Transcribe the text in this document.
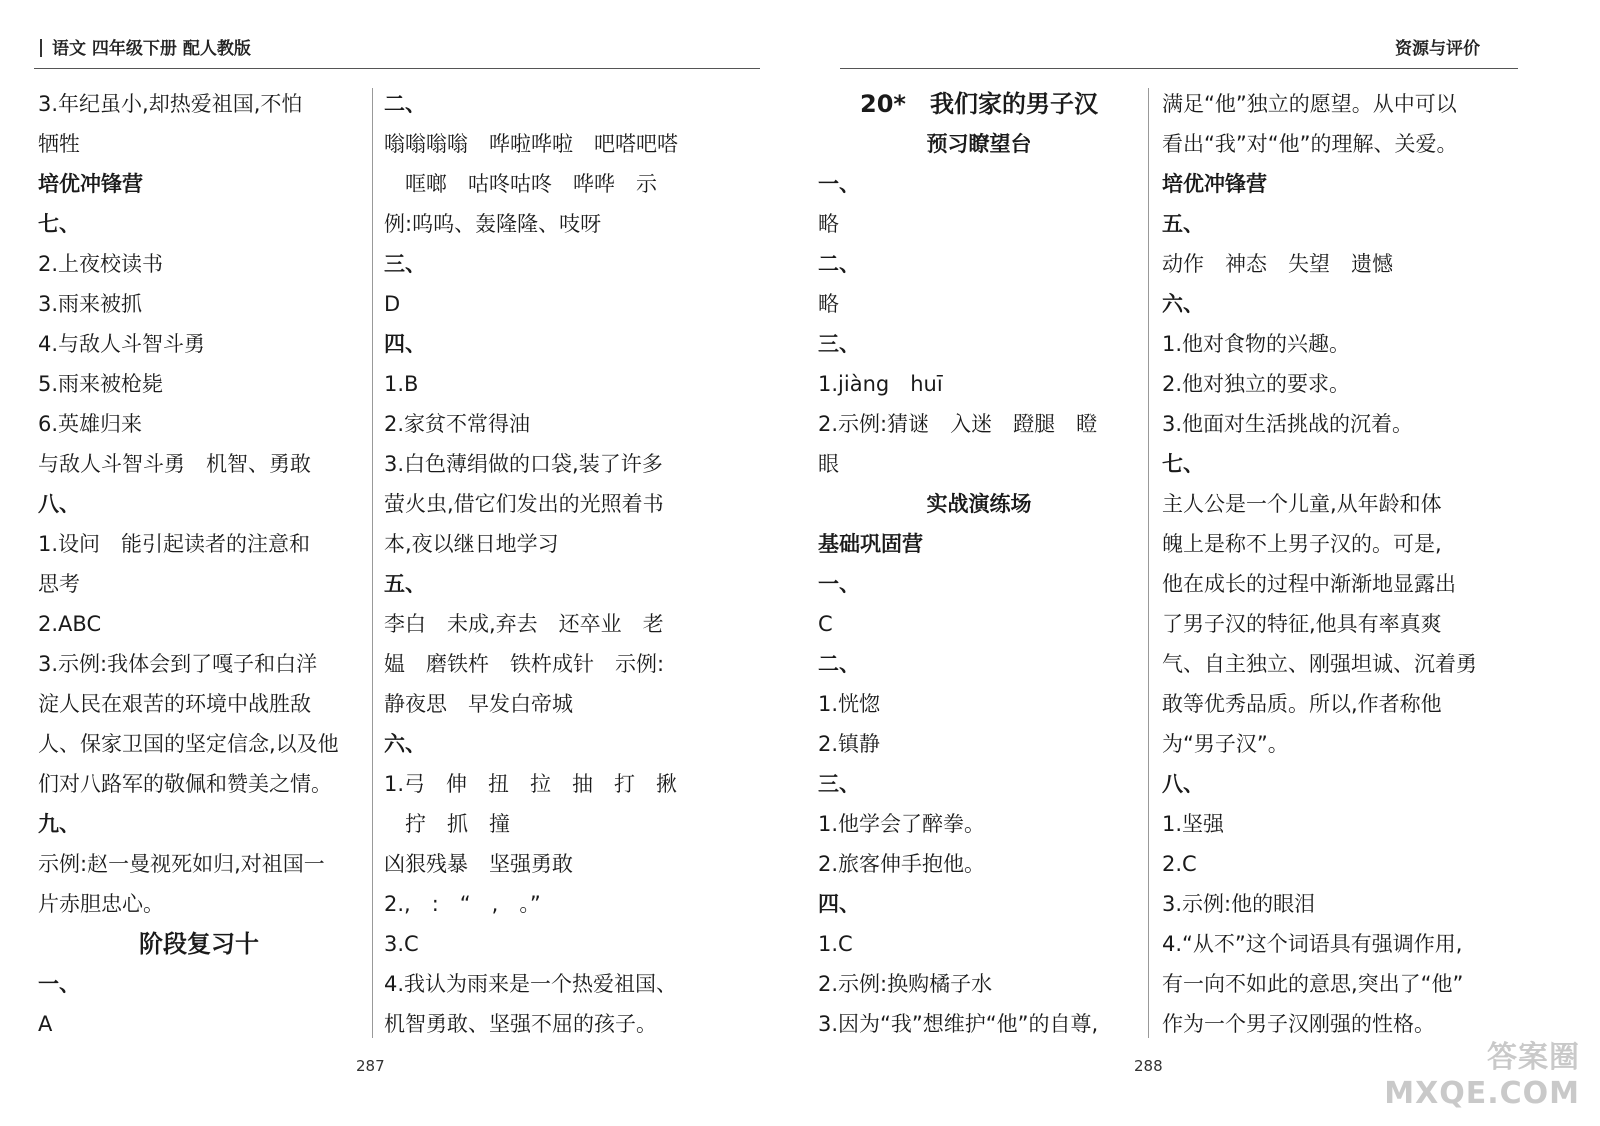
语文 四年级下册 配人教版	资源与评价
3.年纪虽小,却热爱祖国,不怕
牺牲
培优冲锋营
七、
2.上夜校读书
3.雨来被抓
4.与敌人斗智斗勇
5.雨来被枪毙
6.英雄归来
与敌人斗智斗勇　机智、勇敢
八、
1.设问　能引起读者的注意和
思考
2.ABC
3.示例:我体会到了嘎子和白洋
淀人民在艰苦的环境中战胜敌
人、保家卫国的坚定信念,以及他
们对八路军的敬佩和赞美之情。
九、
示例:赵一曼视死如归,对祖国一
片赤胆忠心。
阶段复习十
一、
A
二、
嗡嗡嗡嗡　哗啦哗啦　吧嗒吧嗒
　哐啷　咕咚咕咚　哗哗　示
例:呜呜、轰隆隆、吱呀
三、
D
四、
1.B
2.家贫不常得油
3.白色薄绢做的口袋,装了许多
萤火虫,借它们发出的光照着书
本,夜以继日地学习
五、
李白　未成,弃去　还卒业　老
媪　磨铁杵　铁杵成针　示例:
静夜思　早发白帝城
六、
1.弓　伸　扭　拉　抽　打　揪
　拧　抓　撞
凶狠残暴　坚强勇敢
2.,　:　“　,　。”
3.C
4.我认为雨来是一个热爱祖国、
机智勇敢、坚强不屈的孩子。
20*　我们家的男子汉
预习瞭望台
一、
略
二、
略
三、
1.jiàng　huī
2.示例:猜谜　入迷　蹬腿　瞪
眼
实战演练场
基础巩固营
一、
C
二、
1.恍惚
2.镇静
三、
1.他学会了醉拳。
2.旅客伸手抱他。
四、
1.C
2.示例:换购橘子水
3.因为“我”想维护“他”的自尊,
满足“他”独立的愿望。从中可以
看出“我”对“他”的理解、关爱。
培优冲锋营
五、
动作　神态　失望　遗憾
六、
1.他对食物的兴趣。
2.他对独立的要求。
3.他面对生活挑战的沉着。
七、
主人公是一个儿童,从年龄和体
魄上是称不上男子汉的。可是,
他在成长的过程中渐渐地显露出
了男子汉的特征,他具有率真爽
气、自主独立、刚强坦诚、沉着勇
敢等优秀品质。所以,作者称他
为“男子汉”。
八、
1.坚强
2.C
3.示例:他的眼泪
4.“从不”这个词语具有强调作用,
有一向不如此的意思,突出了“他”
作为一个男子汉刚强的性格。
287	288	答案圈
MXQE.COM
